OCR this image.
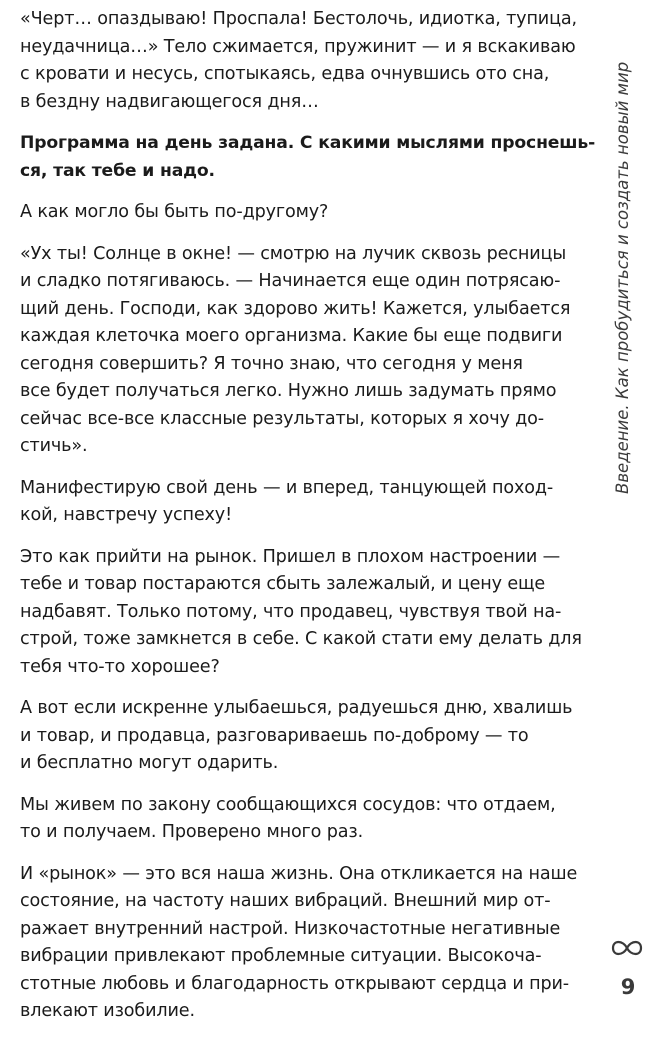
«Черт… опаздываю! Проспала! Бестолочь, идиотка, тупица,
неудачница…» Тело сжимается, пружинит — и я вскакиваю
с кровати и несусь, спотыкаясь, едва очнувшись ото сна,
в бездну надвигающегося дня…

Программа на день задана. С какими мыслями проснешь-
ся, так тебе и надо.

А как могло бы быть по-другому?

«Ух ты! Солнце в окне! — смотрю на лучик сквозь ресницы
и сладко потягиваюсь. — Начинается еще один потрясаю-
щий день. Господи, как здорово жить! Кажется, улыбается
каждая клеточка моего организма. Какие бы еще подвиги
сегодня совершить? Я точно знаю, что сегодня у меня
все будет получаться легко. Нужно лишь задумать прямо
сейчас все-все классные результаты, которых я хочу до-
стичь».

Манифестирую свой день — и вперед, танцующей поход-
кой, навстречу успеху!

Это как прийти на рынок. Пришел в плохом настроении —
тебе и товар постараются сбыть залежалый, и цену еще
надбавят. Только потому, что продавец, чувствуя твой на-
строй, тоже замкнется в себе. С какой стати ему делать для
тебя что-то хорошее?

А вот если искренне улыбаешься, радуешься дню, хвалишь
и товар, и продавца, разговариваешь по-доброму — то
и бесплатно могут одарить.

Мы живем по закону сообщающихся сосудов: что отдаем,
то и получаем. Проверено много раз.

И «рынок» — это вся наша жизнь. Она откликается на наше
состояние, на частоту наших вибраций. Внешний мир от-
ражает внутренний настрой. Низкочастотные негативные
вибрации привлекают проблемные ситуации. Высокоча-
стотные любовь и благодарность открывают сердца и при-
влекают изобилие.

Введение. Как пробудиться и создать новый мир
9
